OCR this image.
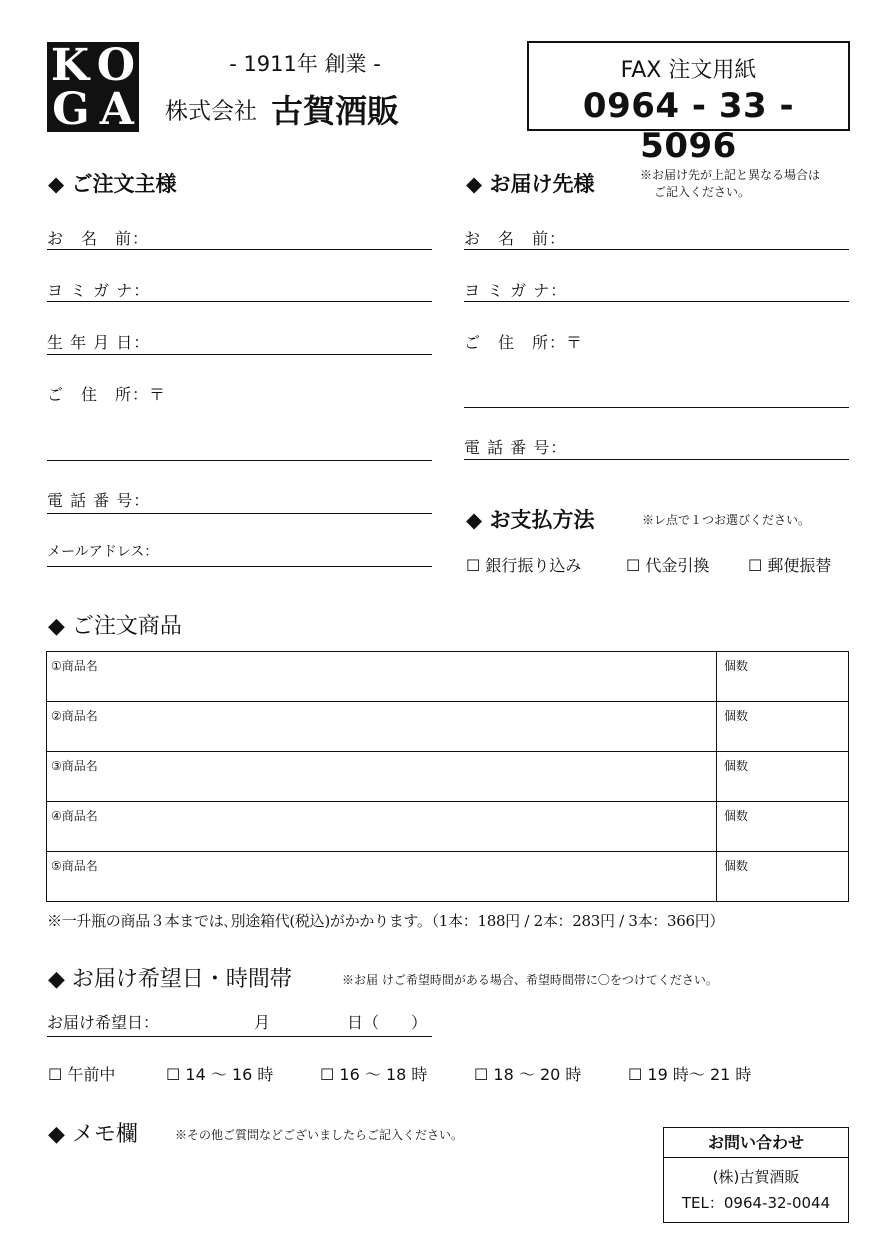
K O
G A
- 1911年 創業 -
株式会社 古賀酒販
FAX 注文用紙
0964 - 33 - 5096
◆ ご注文主様
お　名　前：
ヨ ミ ガ ナ：
生 年 月 日：
ご　住　所：〒
電 話 番 号：
メールアドレス：
◆ お届け先様	※お届け先が上記と異なる場合は
ご記入ください。
お　名　前：
ヨ ミ ガ ナ：
ご　住　所：〒
電 話 番 号：
◆ お支払方法	※レ点で１つお選びください。
☐ 銀行振り込み	☐ 代金引換 ☐ 郵便振替
◆ ご注文商品
①商品名	個数
②商品名	個数
③商品名	個数
④商品名	個数
⑤商品名	個数
※一升瓶の商品３本までは､別途箱代(税込)がかかります。（1本：188円 / 2本：283円 / 3本：366円）
◆ お届け希望日・時間帯	※お届 けご希望時間がある場合、希望時間帯に〇をつけてください。
お届け希望日：	月	日（　　）
☐ 午前中	☐ 14 ～ 16 時	☐ 16 ～ 18 時	☐ 18 ～ 20 時	☐ 19 時～ 21 時
◆ メモ欄	※その他ご質問などございましたらご記入ください。	お問い合わせ
(株)古賀酒販
TEL：0964-32-0044
